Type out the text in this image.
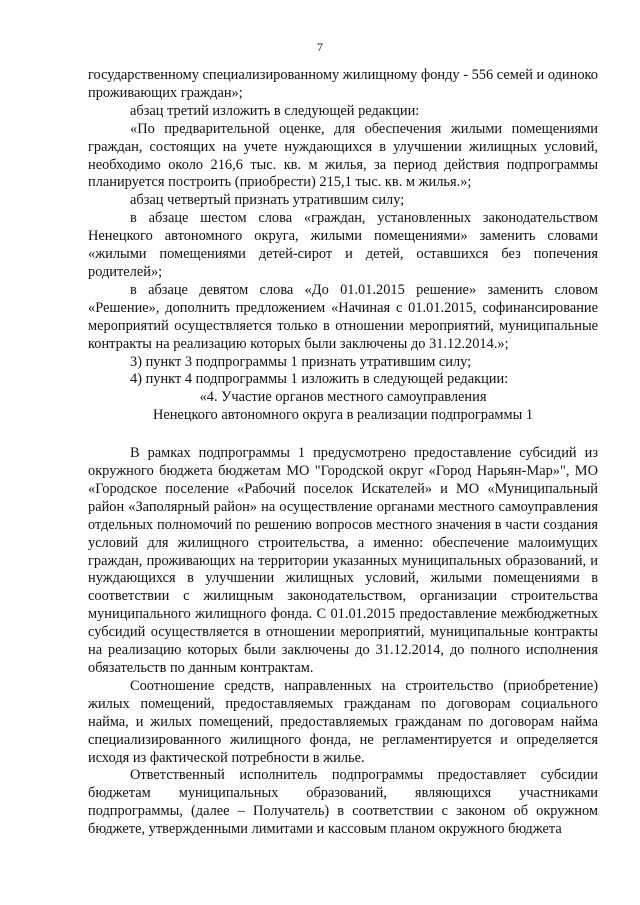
7

государственному специализированному жилищному фонду - 556 семей и одиноко проживающих граждан»;

абзац третий изложить в следующей редакции:

«По предварительной оценке, для обеспечения жилыми помещениями граждан, состоящих на учете нуждающихся в улучшении жилищных условий, необходимо около 216,6 тыс. кв. м жилья, за период действия подпрограммы планируется построить (приобрести) 215,1 тыс. кв. м жилья.»;

абзац четвертый признать утратившим силу;

в абзаце шестом слова «граждан, установленных законодательством Ненецкого автономного округа, жилыми помещениями» заменить словами «жилыми помещениями детей-сирот и детей, оставшихся без попечения родителей»;

в абзаце девятом слова «До 01.01.2015 решение» заменить словом «Решение», дополнить предложением «Начиная с 01.01.2015, софинансирование мероприятий осуществляется только в отношении мероприятий, муниципальные контракты на реализацию которых были заключены до 31.12.2014.»;

3) пункт 3 подпрограммы 1 признать утратившим силу;

4) пункт 4 подпрограммы 1 изложить в следующей редакции:

«4. Участие органов местного самоуправления

Ненецкого автономного округа в реализации подпрограммы 1

В рамках подпрограммы 1 предусмотрено предоставление субсидий из окружного бюджета бюджетам МО "Городской округ «Город Нарьян-Мар»", МО «Городское поселение «Рабочий поселок Искателей» и МО «Муниципальный район «Заполярный район» на осуществление органами местного самоуправления отдельных полномочий по решению вопросов местного значения в части создания условий для жилищного строительства, а именно: обеспечение малоимущих граждан, проживающих на территории указанных муниципальных образований, и нуждающихся в улучшении жилищных условий, жилыми помещениями в соответствии с жилищным законодательством, организации строительства муниципального жилищного фонда. С 01.01.2015 предоставление межбюджетных субсидий осуществляется в отношении мероприятий, муниципальные контракты на реализацию которых были заключены до 31.12.2014, до полного исполнения обязательств по данным контрактам.

Соотношение средств, направленных на строительство (приобретение) жилых помещений, предоставляемых гражданам по договорам социального найма, и жилых помещений, предоставляемых гражданам по договорам найма специализированного жилищного фонда, не регламентируется и определяется исходя из фактической потребности в жилье.

Ответственный исполнитель подпрограммы предоставляет субсидии бюджетам муниципальных образований, являющихся участниками подпрограммы, (далее – Получатель) в соответствии с законом об окружном бюджете, утвержденными лимитами и кассовым планом окружного бюджета
